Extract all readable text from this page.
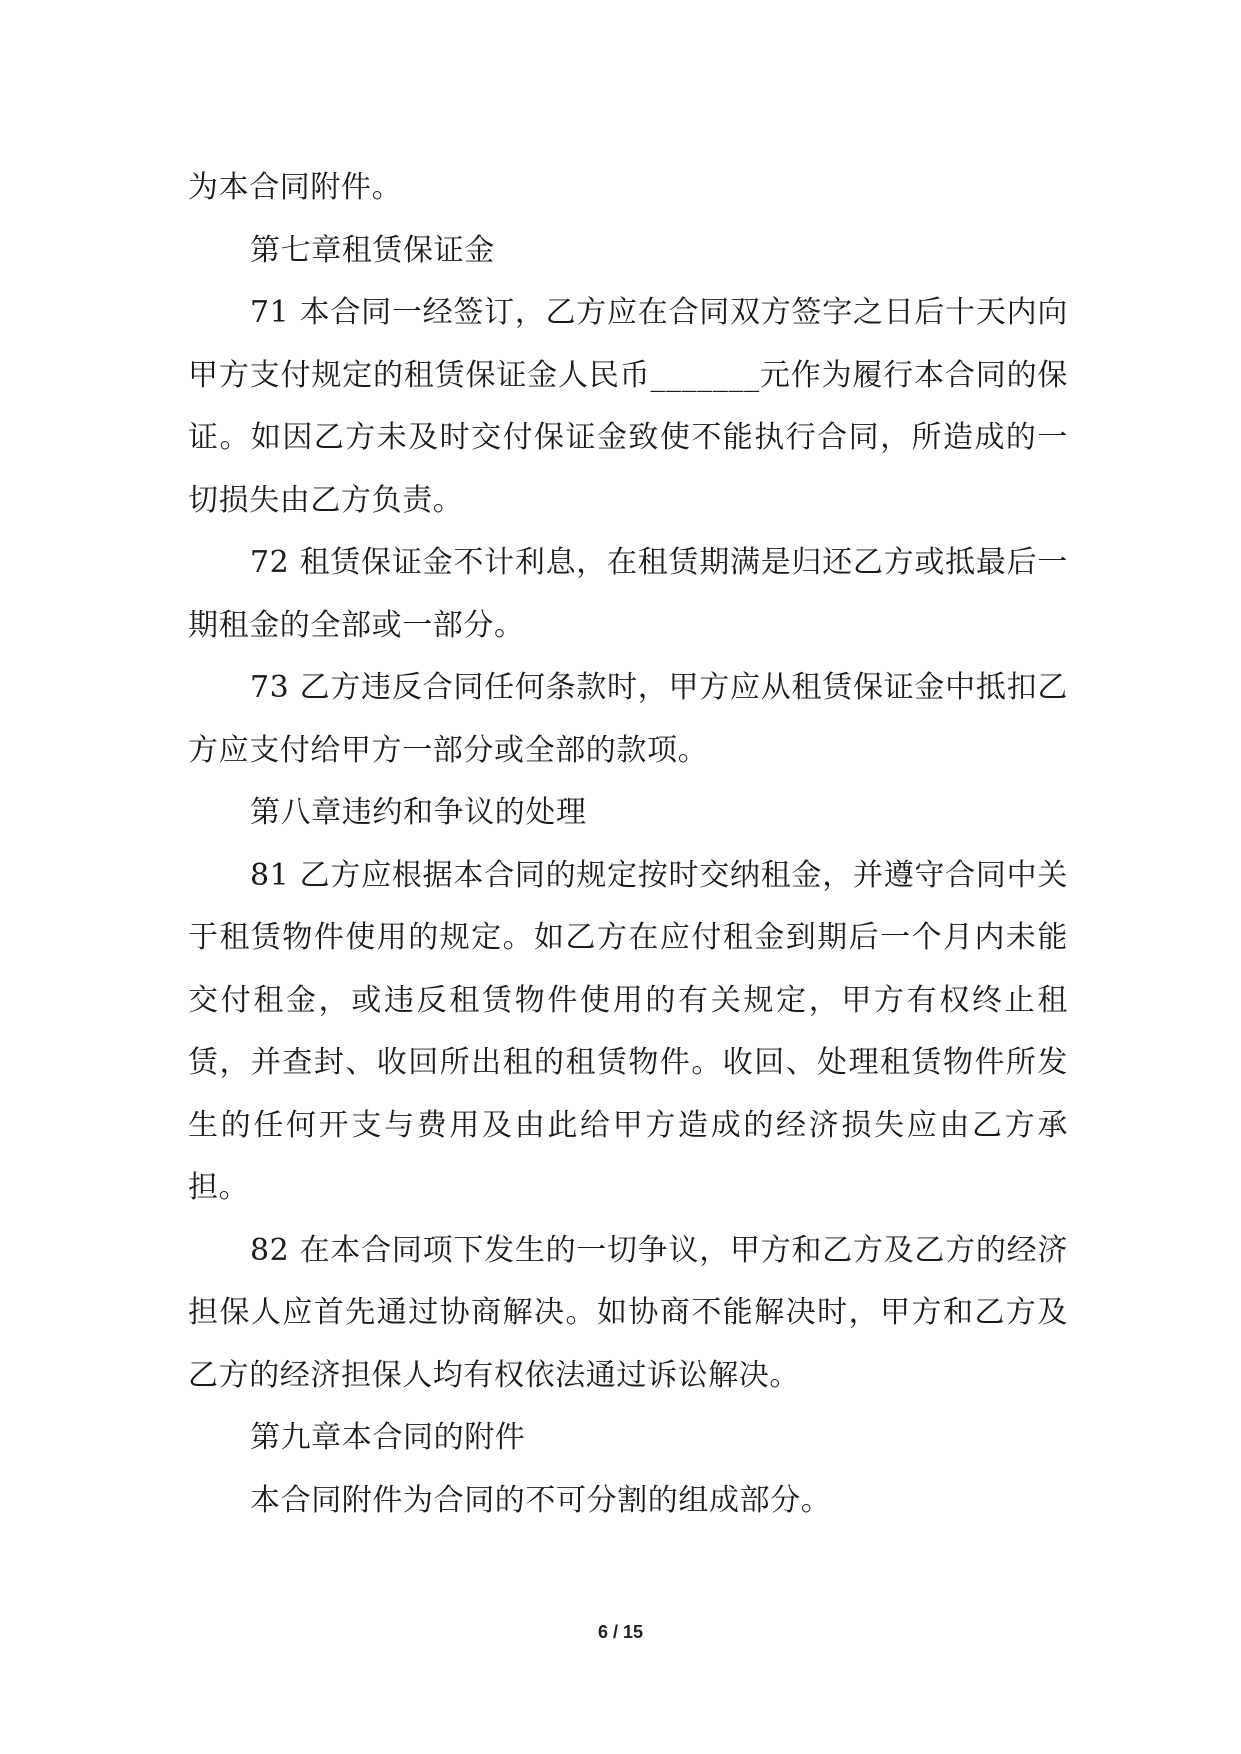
为本合同附件。

第七章租赁保证金

71 本合同一经签订，乙方应在合同双方签字之日后十天内向甲方支付规定的租赁保证金人民币_______元作为履行本合同的保证。如因乙方未及时交付保证金致使不能执行合同，所造成的一切损失由乙方负责。

72 租赁保证金不计利息，在租赁期满是归还乙方或抵最后一期租金的全部或一部分。

73 乙方违反合同任何条款时，甲方应从租赁保证金中抵扣乙方应支付给甲方一部分或全部的款项。

第八章违约和争议的处理

81 乙方应根据本合同的规定按时交纳租金，并遵守合同中关于租赁物件使用的规定。如乙方在应付租金到期后一个月内未能交付租金，或违反租赁物件使用的有关规定，甲方有权终止租赁，并查封、收回所出租的租赁物件。收回、处理租赁物件所发生的任何开支与费用及由此给甲方造成的经济损失应由乙方承担。

82 在本合同项下发生的一切争议，甲方和乙方及乙方的经济担保人应首先通过协商解决。如协商不能解决时，甲方和乙方及乙方的经济担保人均有权依法通过诉讼解决。

第九章本合同的附件

本合同附件为合同的不可分割的组成部分。

6 / 15
